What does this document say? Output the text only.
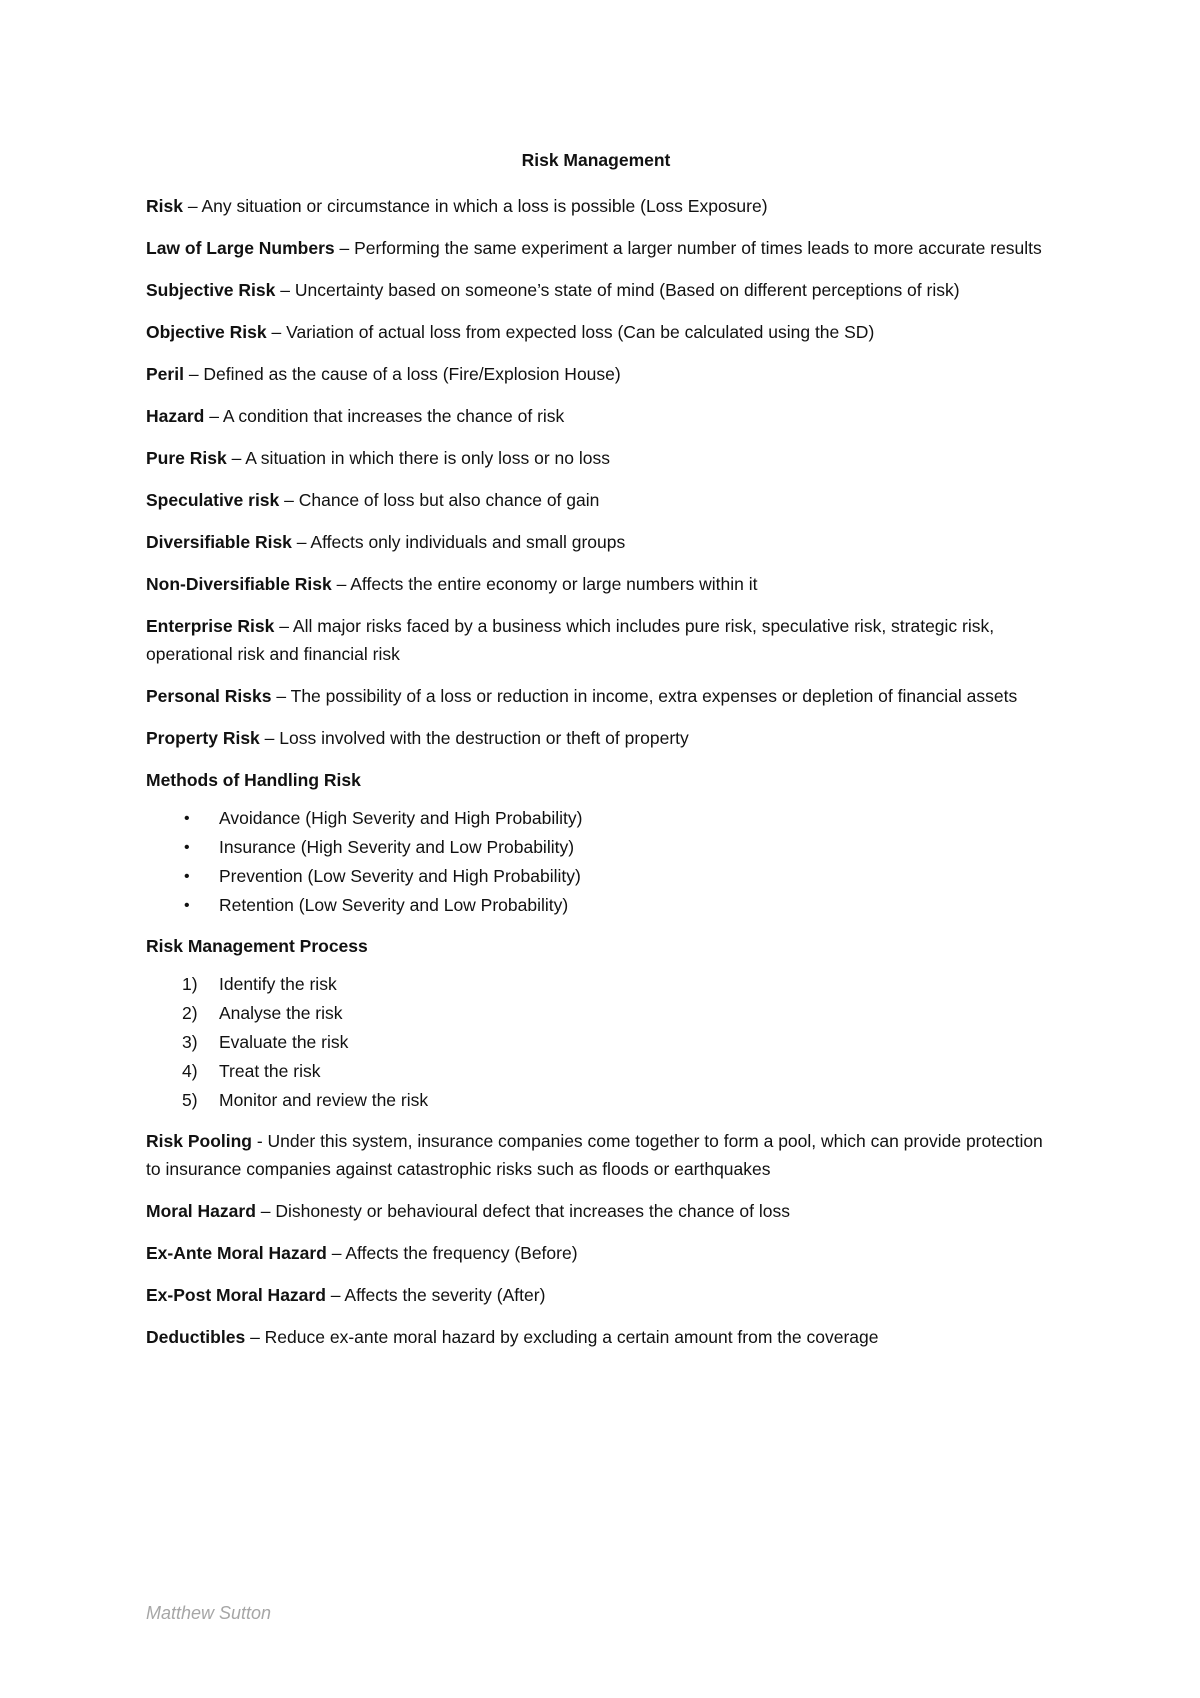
Risk Management

Risk – Any situation or circumstance in which a loss is possible (Loss Exposure)

Law of Large Numbers – Performing the same experiment a larger number of times leads to more accurate results

Subjective Risk – Uncertainty based on someone’s state of mind (Based on different perceptions of risk)

Objective Risk – Variation of actual loss from expected loss (Can be calculated using the SD)

Peril – Defined as the cause of a loss (Fire/Explosion House)

Hazard – A condition that increases the chance of risk

Pure Risk – A situation in which there is only loss or no loss

Speculative risk – Chance of loss but also chance of gain

Diversifiable Risk – Affects only individuals and small groups

Non-Diversifiable Risk – Affects the entire economy or large numbers within it

Enterprise Risk – All major risks faced by a business which includes pure risk, speculative risk, strategic risk, operational risk and financial risk

Personal Risks – The possibility of a loss or reduction in income, extra expenses or depletion of financial assets

Property Risk – Loss involved with the destruction or theft of property

Methods of Handling Risk
• Avoidance (High Severity and High Probability)
• Insurance (High Severity and Low Probability)
• Prevention (Low Severity and High Probability)
• Retention (Low Severity and Low Probability)
Risk Management Process
1)	Identify the risk
2)	Analyse the risk
3)	Evaluate the risk
4)	Treat the risk
5)	Monitor and review the risk

Risk Pooling - Under this system, insurance companies come together to form a pool, which can provide protection to insurance companies against catastrophic risks such as floods or earthquakes

Moral Hazard – Dishonesty or behavioural defect that increases the chance of loss

Ex-Ante Moral Hazard – Affects the frequency (Before)

Ex-Post Moral Hazard – Affects the severity (After)

Deductibles – Reduce ex-ante moral hazard by excluding a certain amount from the coverage

Matthew Sutton
